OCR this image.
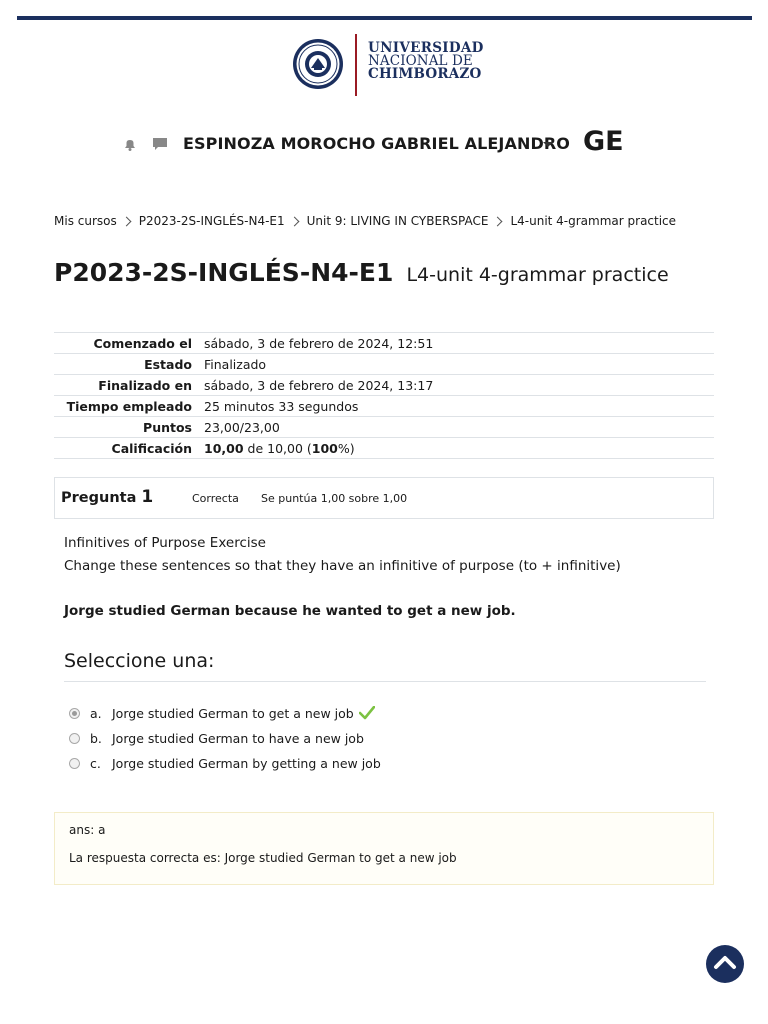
UNIVERSIDAD
NACIONAL DE
CHIMBORAZO
ESPINOZA MOROCHO GABRIEL ALEJANDRO GE
Mis cursos P2023-2S-INGLÉS-N4-E1 Unit 9: LIVING IN CYBERSPACE L4-unit 4-grammar practice
P2023-2S-INGLÉS-N4-E1 L4-unit 4-grammar practice
Comenzado el	sábado, 3 de febrero de 2024, 12:51
Estado	Finalizado
Finalizado en	sábado, 3 de febrero de 2024, 13:17
Tiempo empleado	25 minutos 33 segundos
Puntos	23,00/23,00
Calificación	10,00 de 10,00 (100%)
Pregunta 1	Correcta Se puntúa 1,00 sobre 1,00
Infinitives of Purpose Exercise
Change these sentences so that they have an infinitive of purpose (to + infinitive)
Jorge studied German because he wanted to get a new job.
Seleccione una:
a. Jorge studied German to get a new job
b. Jorge studied German to have a new job
c. Jorge studied German by getting a new job
ans: a
La respuesta correcta es: Jorge studied German to get a new job
